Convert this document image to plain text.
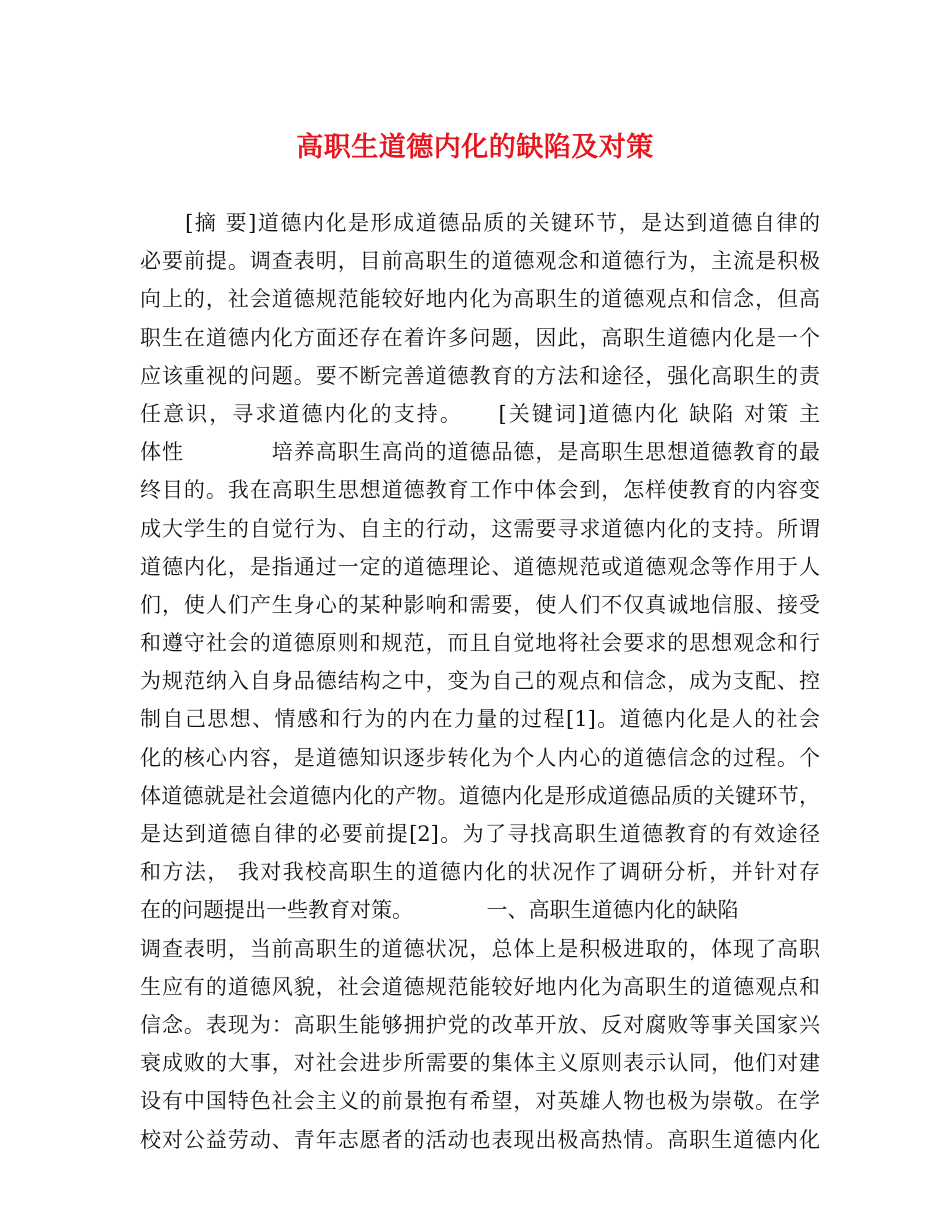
高职生道德内化的缺陷及对策
　　[摘 要]道德内化是形成道德品质的关键环节，是达到道德自律的
必要前提。调查表明，目前高职生的道德观念和道德行为，主流是积极
向上的，社会道德规范能较好地内化为高职生的道德观点和信念，但高
职生在道德内化方面还存在着许多问题，因此，高职生道德内化是一个
应该重视的问题。要不断完善道德教育的方法和途径，强化高职生的责
任意识，寻求道德内化的支持。　　[关键词]道德内化 缺陷 对策 主
体性　　　　培养高职生高尚的道德品德，是高职生思想道德教育的最
终目的。我在高职生思想道德教育工作中体会到，怎样使教育的内容变
成大学生的自觉行为、自主的行动，这需要寻求道德内化的支持。所谓
道德内化，是指通过一定的道德理论、道德规范或道德观念等作用于人
们，使人们产生身心的某种影响和需要，使人们不仅真诚地信服、接受
和遵守社会的道德原则和规范，而且自觉地将社会要求的思想观念和行
为规范纳入自身品德结构之中，变为自己的观点和信念，成为支配、控
制自己思想、情感和行为的内在力量的过程[1]。道德内化是人的社会
化的核心内容，是道德知识逐步转化为个人内心的道德信念的过程。个
体道德就是社会道德内化的产物。道德内化是形成道德品质的关键环节，
是达到道德自律的必要前提[2]。为了寻找高职生道德教育的有效途径
和方法， 我对我校高职生的道德内化的状况作了调研分析，并针对存
在的问题提出一些教育对策。　　　　一、高职生道德内化的缺陷
调查表明，当前高职生的道德状况，总体上是积极进取的，体现了高职
生应有的道德风貌，社会道德规范能较好地内化为高职生的道德观点和
信念。表现为：高职生能够拥护党的改革开放、反对腐败等事关国家兴
衰成败的大事，对社会进步所需要的集体主义原则表示认同，他们对建
设有中国特色社会主义的前景抱有希望，对英雄人物也极为崇敬。在学
校对公益劳动、青年志愿者的活动也表现出极高热情。高职生道德内化
